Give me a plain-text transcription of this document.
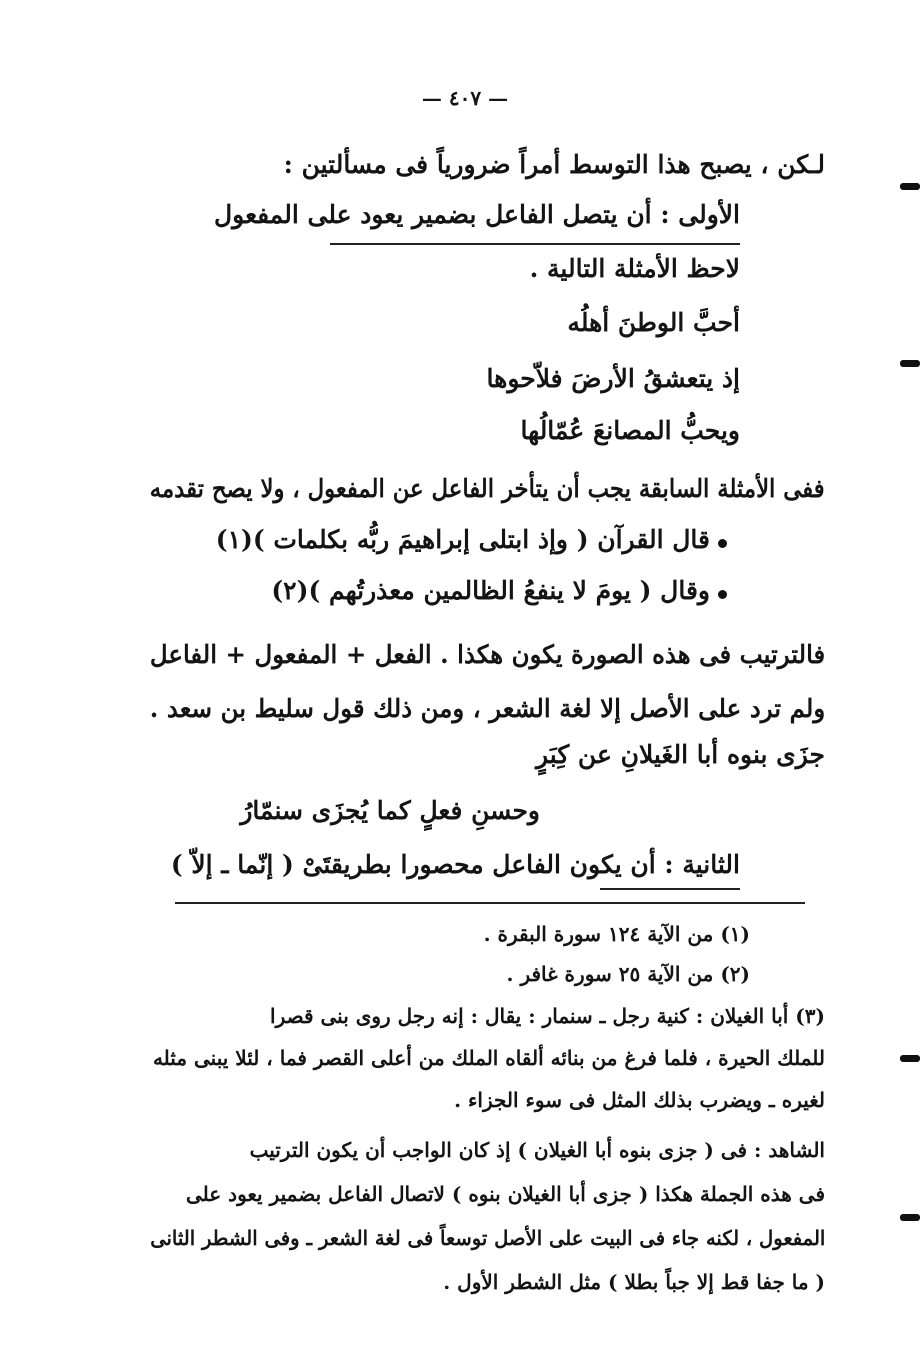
— ٤٠٧ —
لـكن ، يصبح هذا التوسط أمراً ضرورياً فى مسألتين :
الأولى : أن يتصل الفاعل بضمير يعود على المفعول
لاحظ الأمثلة التالية .
أحبَّ الوطنَ أهلُه
إذ يتعشقُ الأرضَ فلاّحوها
ويحبُّ المصانعَ عُمّالُها
ففى الأمثلة السابقة يجب أن يتأخر الفاعل عن المفعول ، ولا يصح تقدمه
قال القرآن ( وإذ ابتلى إبراهيمَ ربُّه بكلمات )(١)
وقال ( يومَ لا ينفعُ الظالمين معذرتُهم )(٢)
فالترتيب فى هذه الصورة يكون هكذا . الفعل + المفعول + الفاعل
ولم ترد على الأصل إلا لغة الشعر ، ومن ذلك قول سليط بن سعد .
جزَى بنوه أبا الغَيلانِ عن كِبَرٍ
وحسنِ فعلٍ كما يُجزَى سنمّارُ
الثانية : أن يكون الفاعل محصورا بطريقتَىْ ( إنّما ـ إلاّ )
(١) من الآية ١٢٤ سورة البقرة .
(٢) من الآية ٢٥ سورة غافر .
(٣) أبا الغيلان : كنية رجل ـ سنمار : يقال : إنه رجل روى بنى قصرا
للملك الحيرة ، فلما فرغ من بنائه ألقاه الملك من أعلى القصر فما ، لئلا يبنى مثله
لغيره ـ ويضرب بذلك المثل فى سوء الجزاء .
الشاهد : فى ( جزى بنوه أبا الغيلان ) إذ كان الواجب أن يكون الترتيب
فى هذه الجملة هكذا ( جزى أبا الغيلان بنوه ) لاتصال الفاعل بضمير يعود على
المفعول ، لكنه جاء فى البيت على الأصل توسعاً فى لغة الشعر ـ وفى الشطر الثانى
( ما جفا قط إلا جباً بطلا ) مثل الشطر الأول .
